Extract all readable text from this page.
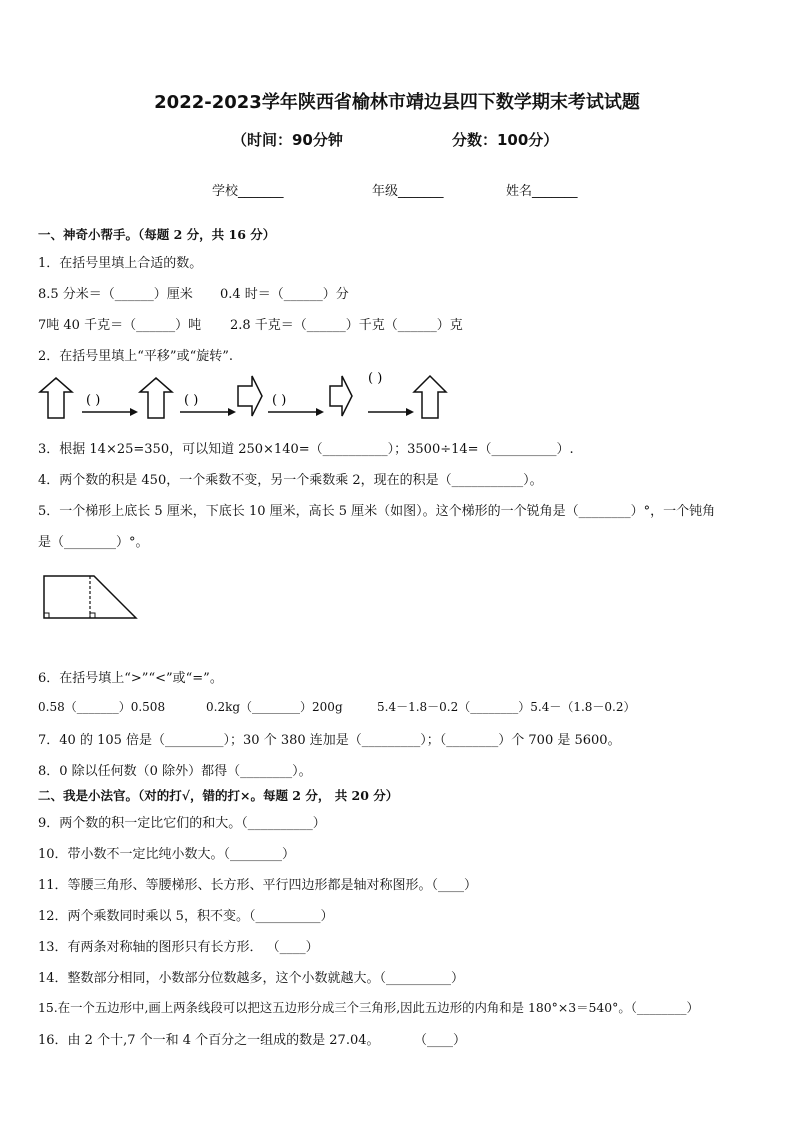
2022-2023学年陕西省榆林市靖边县四下数学期末考试试题
（时间：90分钟	分数：100分）
学校_______	年级_______	姓名_______
一、神奇小帮手。（每题 2 分，共 16 分）
1．在括号里填上合适的数。
8.5 分米＝（______）厘米 0.4 时＝（______）分
7吨 40 千克＝（______）吨 2.8 千克＝（______）千克（______）克
2．在括号里填上“平移”或“旋转”.
( )	( )	( )
( )
3．根据 14×25=350，可以知道 250×140=（__________）；3500÷14=（__________）.
4．两个数的积是 450，一个乘数不变，另一个乘数乘 2，现在的积是（___________）。
5．一个梯形上底长 5 厘米，下底长 10 厘米，高长 5 厘米（如图）。这个梯形的一个锐角是（________）°，一个钝角
是（________）°。
6．在括号填上“>”“<”或“=”。
0.58（_______）0.508	0.2kg（________）200g	5.4－1.8－0.2（________）5.4－（1.8－0.2）
7．40 的 105 倍是（_________）；30 个 380 连加是（_________）；（________）个 700 是 5600。
8．0 除以任何数（0 除外）都得（________）。
二、我是小法官。（对的打√，错的打×。每题 2 分， 共 20 分）
9．两个数的积一定比它们的和大。（__________）
10．带小数不一定比纯小数大。（________）
11．等腰三角形、等腰梯形、长方形、平行四边形都是轴对称图形。（____）
12．两个乘数同时乘以 5，积不变。（__________）
13．有两条对称轴的图形只有长方形． （____）
14．整数部分相同，小数部分位数越多，这个小数就越大。（__________）
15.在一个五边形中,画上两条线段可以把这五边形分成三个三角形,因此五边形的内角和是 180°×3＝540°。（________）
16．由 2 个十,7 个一和 4 个百分之一组成的数是 27.04。	（____）
